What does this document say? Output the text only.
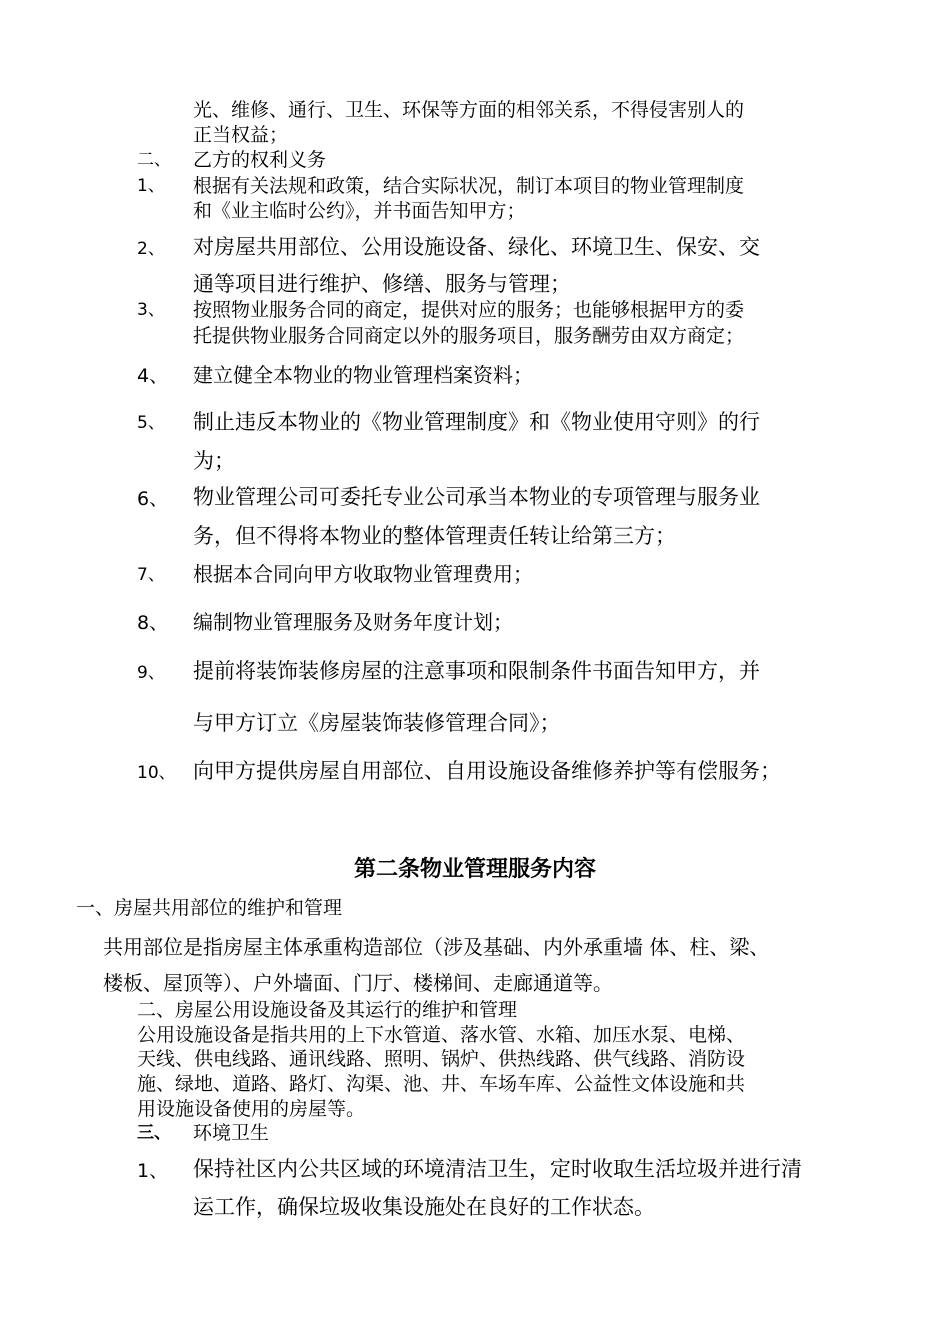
光、维修、通行、卫生、环保等方面的相邻关系，不得侵害别人的
正当权益；
二、 乙方的权利义务
1、 根据有关法规和政策，结合实际状况，制订本项目的物业管理制度
和《业主临时公约》，并书面告知甲方；
2、 对房屋共用部位、公用设施设备、绿化、环境卫生、保安、交
通等项目进行维护、修缮、服务与管理；
3、 按照物业服务合同的商定，提供对应的服务；也能够根据甲方的委
托提供物业服务合同商定以外的服务项目，服务酬劳由双方商定；
4、 建立健全本物业的物业管理档案资料；
5、 制止违反本物业的《物业管理制度》和《物业使用守则》的行
为；
6、 物业管理公司可委托专业公司承当本物业的专项管理与服务业
务，但不得将本物业的整体管理责任转让给第三方；
7、 根据本合同向甲方收取物业管理费用；
8、 编制物业管理服务及财务年度计划；
9、 提前将装饰装修房屋的注意事项和限制条件书面告知甲方，并
与甲方订立《房屋装饰装修管理合同》；
10、 向甲方提供房屋自用部位、自用设施设备维修养护等有偿服务；
第二条物业管理服务内容
一、房屋共用部位的维护和管理
共用部位是指房屋主体承重构造部位（涉及基础、内外承重墙 体、柱、梁、
楼板、屋顶等）、户外墙面、门厅、楼梯间、走廊通道等。
二、房屋公用设施设备及其运行的维护和管理
公用设施设备是指共用的上下水管道、落水管、水箱、加压水泵、电梯、
天线、供电线路、通讯线路、照明、锅炉、供热线路、供气线路、消防设
施、绿地、道路、路灯、沟渠、池、井、车场车库、公益性文体设施和共
用设施设备使用的房屋等。
三、 环境卫生
1、 保持社区内公共区域的环境清洁卫生，定时收取生活垃圾并进行清
运工作，确保垃圾收集设施处在良好的工作状态。
